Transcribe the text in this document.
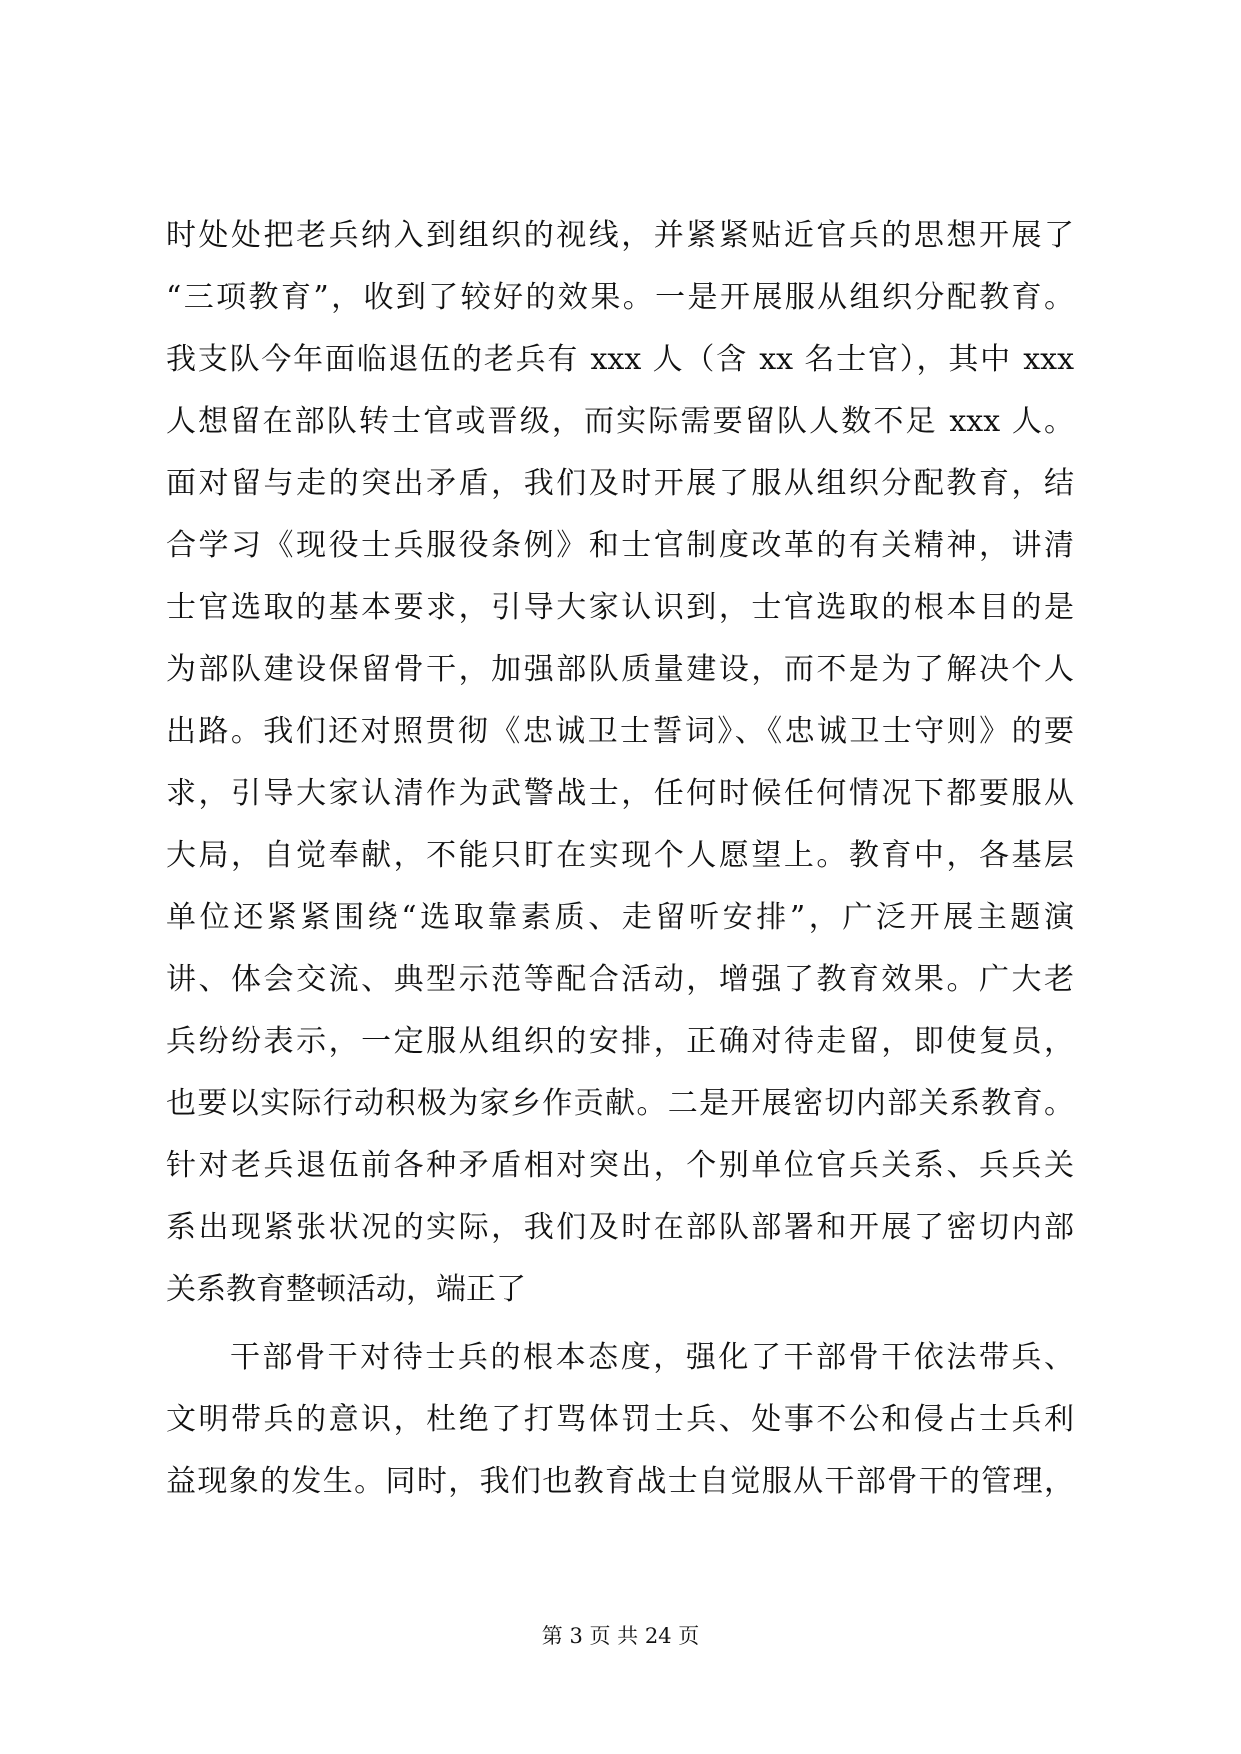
时处处把老兵纳入到组织的视线，并紧紧贴近官兵的思想开展了
“三项教育”，收到了较好的效果。一是开展服从组织分配教育。
我支队今年面临退伍的老兵有 xxx 人（含 xx 名士官），其中 xxx
人想留在部队转士官或晋级，而实际需要留队人数不足 xxx 人。
面对留与走的突出矛盾，我们及时开展了服从组织分配教育，结
合学习《现役士兵服役条例》和士官制度改革的有关精神，讲清
士官选取的基本要求，引导大家认识到，士官选取的根本目的是
为部队建设保留骨干，加强部队质量建设，而不是为了解决个人
出路。我们还对照贯彻《忠诚卫士誓词》、《忠诚卫士守则》的要
求，引导大家认清作为武警战士，任何时候任何情况下都要服从
大局，自觉奉献，不能只盯在实现个人愿望上。教育中，各基层
单位还紧紧围绕“选取靠素质、走留听安排”，广泛开展主题演
讲、体会交流、典型示范等配合活动，增强了教育效果。广大老
兵纷纷表示，一定服从组织的安排，正确对待走留，即使复员，
也要以实际行动积极为家乡作贡献。二是开展密切内部关系教育。
针对老兵退伍前各种矛盾相对突出，个别单位官兵关系、兵兵关
系出现紧张状况的实际，我们及时在部队部署和开展了密切内部
关系教育整顿活动，端正了
干部骨干对待士兵的根本态度，强化了干部骨干依法带兵、
文明带兵的意识，杜绝了打骂体罚士兵、处事不公和侵占士兵利
益现象的发生。同时，我们也教育战士自觉服从干部骨干的管理，
第 3 页 共 24 页
